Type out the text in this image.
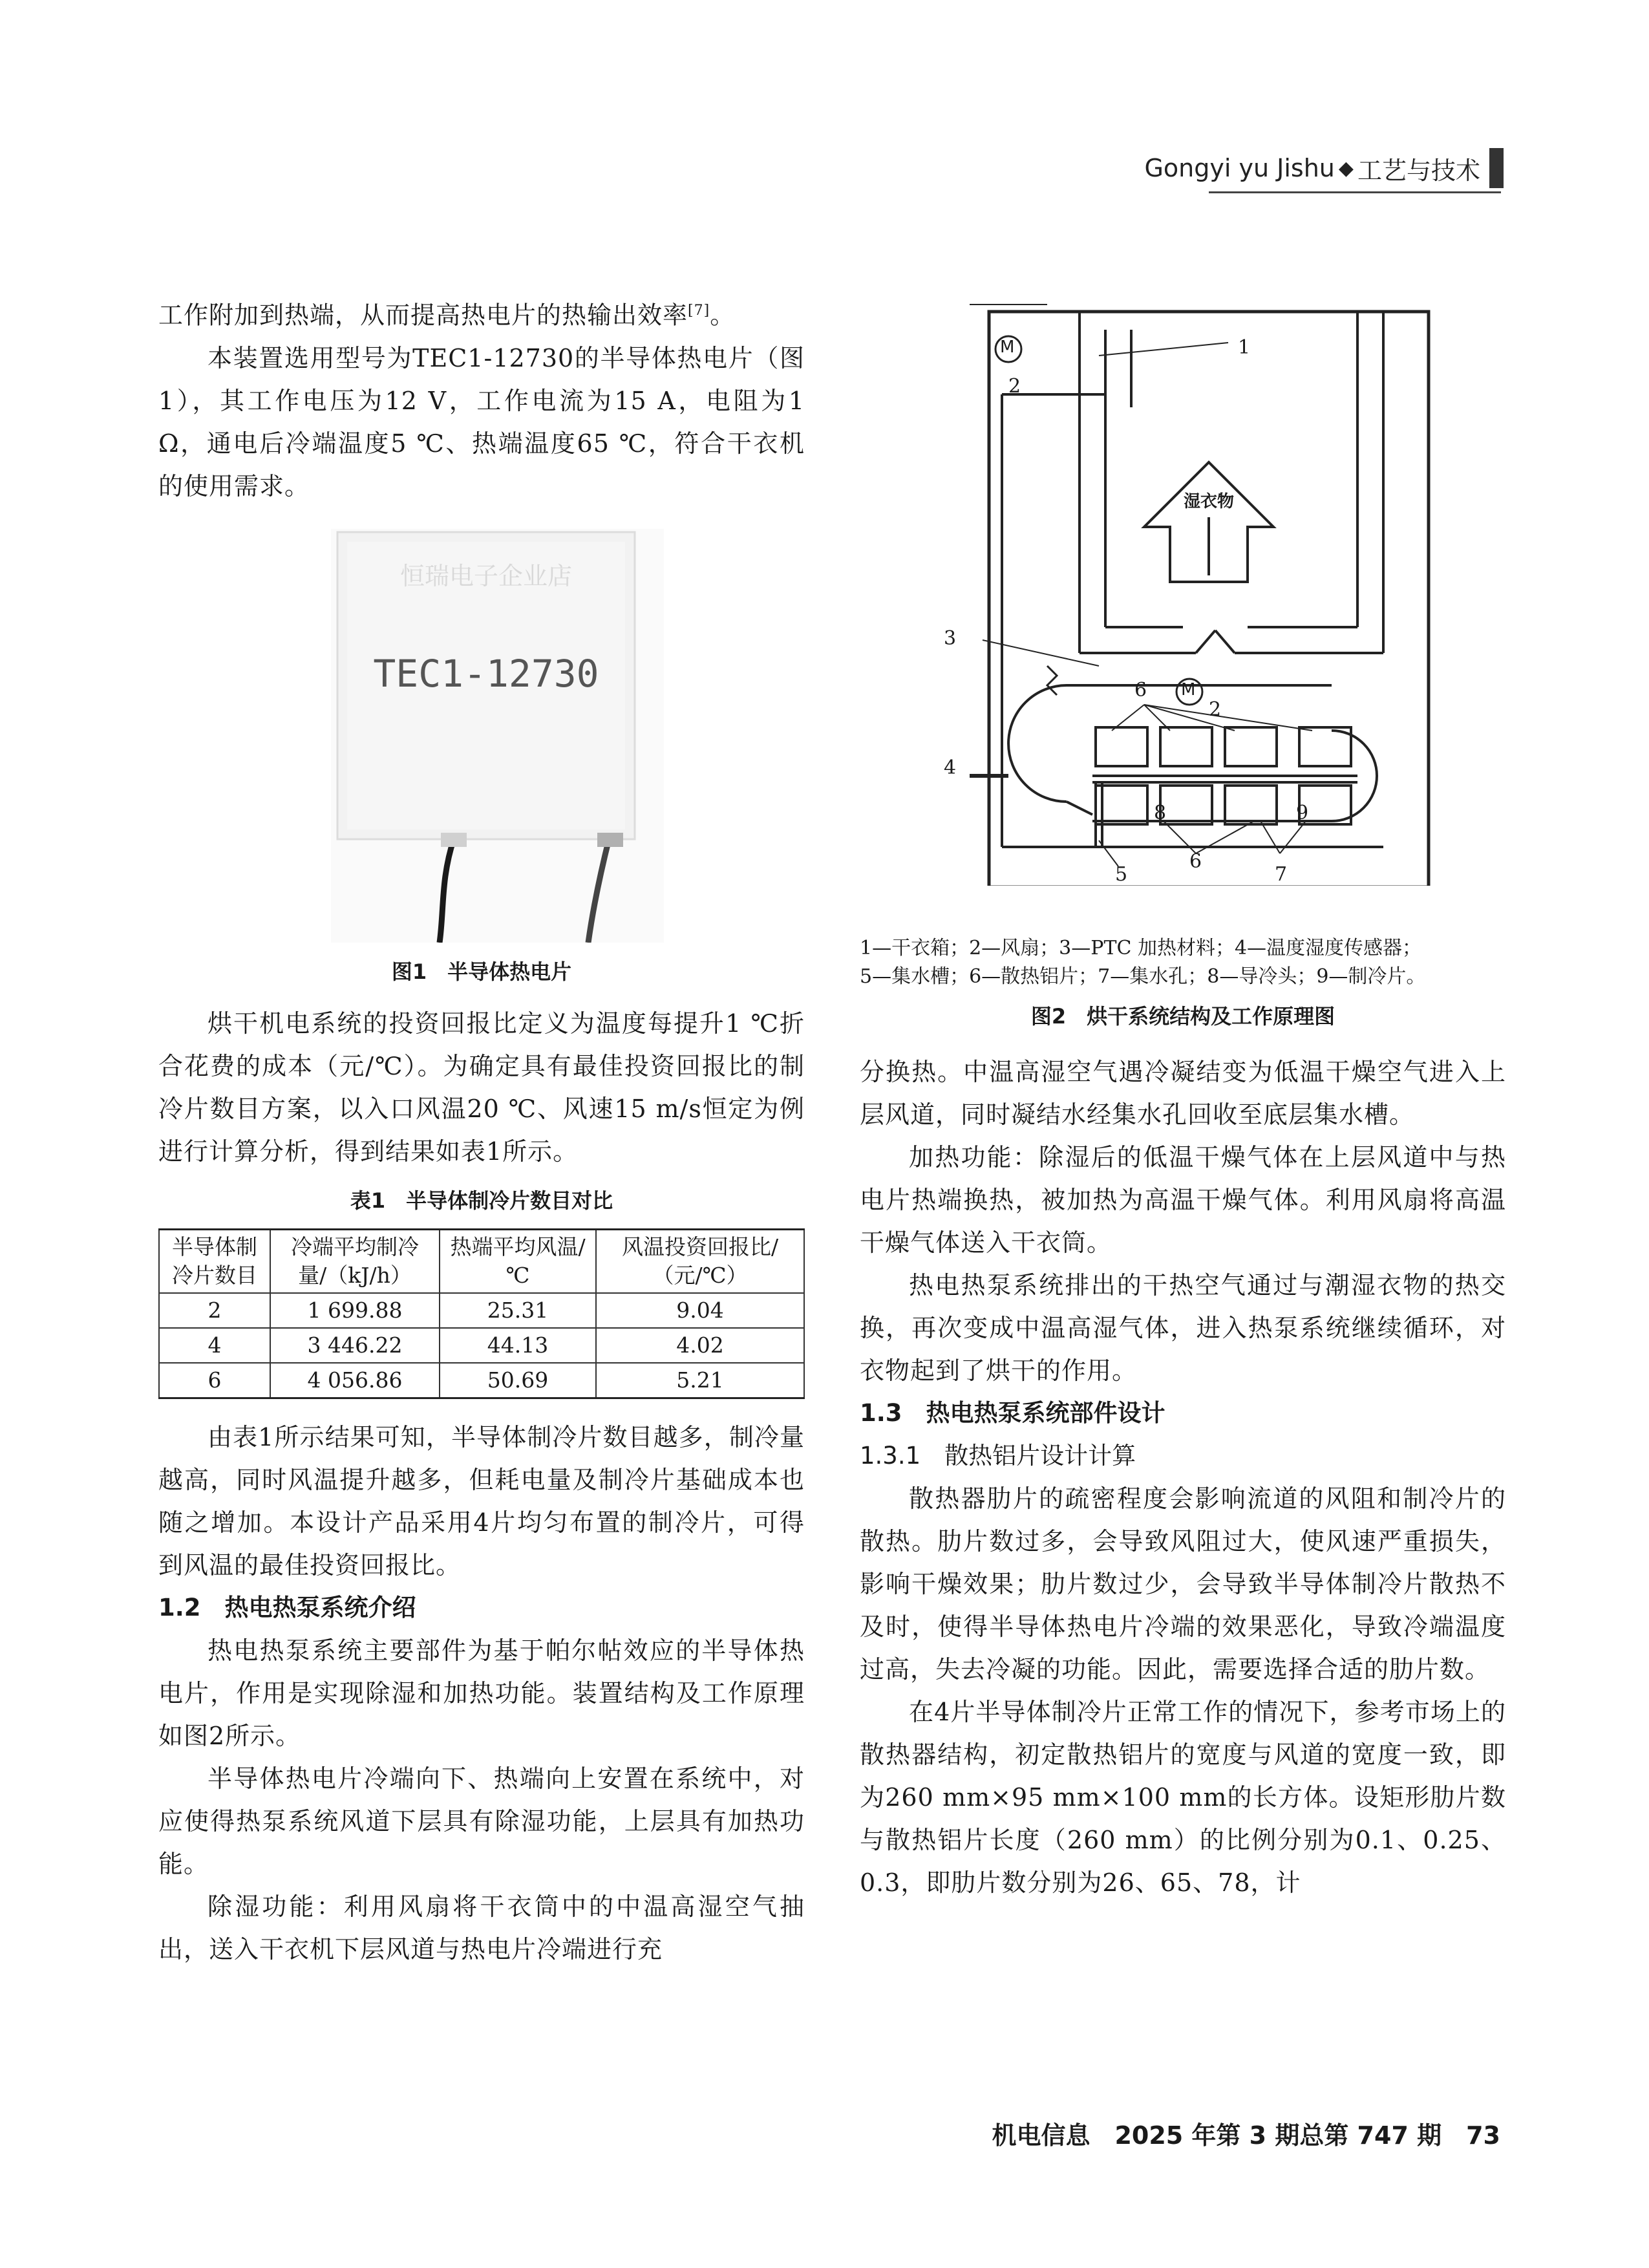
Gongyi yu Jishu ◆ 工艺与技术

工作附加到热端，从而提高热电片的热输出效率[7]。

本装置选用型号为TEC1-12730的半导体热电片（图1），其工作电压为12 V，工作电流为15 A，电阻为1 Ω，通电后冷端温度5 ℃、热端温度65 ℃，符合干衣机的使用需求。

恒瑞电子企业店
TEC1-12730
图1　半导体热电片

烘干机电系统的投资回报比定义为温度每提升1 ℃折合花费的成本（元/℃）。为确定具有最佳投资回报比的制冷片数目方案，以入口风温20 ℃、风速15 m/s恒定为例进行计算分析，得到结果如表1所示。

表1　半导体制冷片数目对比
半导体制冷片数目	冷端平均制冷量/（kJ/h）	热端平均风温/℃	风温投资回报比/（元/℃）
2	1 699.88	25.31	9.04
4	3 446.22	44.13	4.02
6	4 056.86	50.69	5.21

由表1所示结果可知，半导体制冷片数目越多，制冷量越高，同时风温提升越多，但耗电量及制冷片基础成本也随之增加。本设计产品采用4片均匀布置的制冷片，可得到风温的最佳投资回报比。

1.2　热电热泵系统介绍

热电热泵系统主要部件为基于帕尔帖效应的半导体热电片，作用是实现除湿和加热功能。装置结构及工作原理如图2所示。

半导体热电片冷端向下、热端向上安置在系统中，对应使得热泵系统风道下层具有除湿功能，上层具有加热功能。

除湿功能：利用风扇将干衣筒中的中温高湿空气抽出，送入干衣机下层风道与热电片冷端进行充

M
M
1
2
2
3
4
5
6
6
7
8	9
湿衣物
1—干衣箱；2—风扇；3—PTC 加热材料；4—温度湿度传感器；
5—集水槽；6—散热铝片；7—集水孔；8—导冷头；9—制冷片。
图2　烘干系统结构及工作原理图

分换热。中温高湿空气遇冷凝结变为低温干燥空气进入上层风道，同时凝结水经集水孔回收至底层集水槽。

加热功能：除湿后的低温干燥气体在上层风道中与热电片热端换热，被加热为高温干燥气体。利用风扇将高温干燥气体送入干衣筒。

热电热泵系统排出的干热空气通过与潮湿衣物的热交换，再次变成中温高湿气体，进入热泵系统继续循环，对衣物起到了烘干的作用。

1.3　热电热泵系统部件设计

1.3.1　散热铝片设计计算

散热器肋片的疏密程度会影响流道的风阻和制冷片的散热。肋片数过多，会导致风阻过大，使风速严重损失，影响干燥效果；肋片数过少，会导致半导体制冷片散热不及时，使得半导体热电片冷端的效果恶化，导致冷端温度过高，失去冷凝的功能。因此，需要选择合适的肋片数。

在4片半导体制冷片正常工作的情况下，参考市场上的散热器结构，初定散热铝片的宽度与风道的宽度一致，即为260 mm×95 mm×100 mm的长方体。设矩形肋片数与散热铝片长度（260 mm）的比例分别为0.1、0.25、0.3，即肋片数分别为26、65、78，计

机电信息　2025 年第 3 期总第 747 期　73
